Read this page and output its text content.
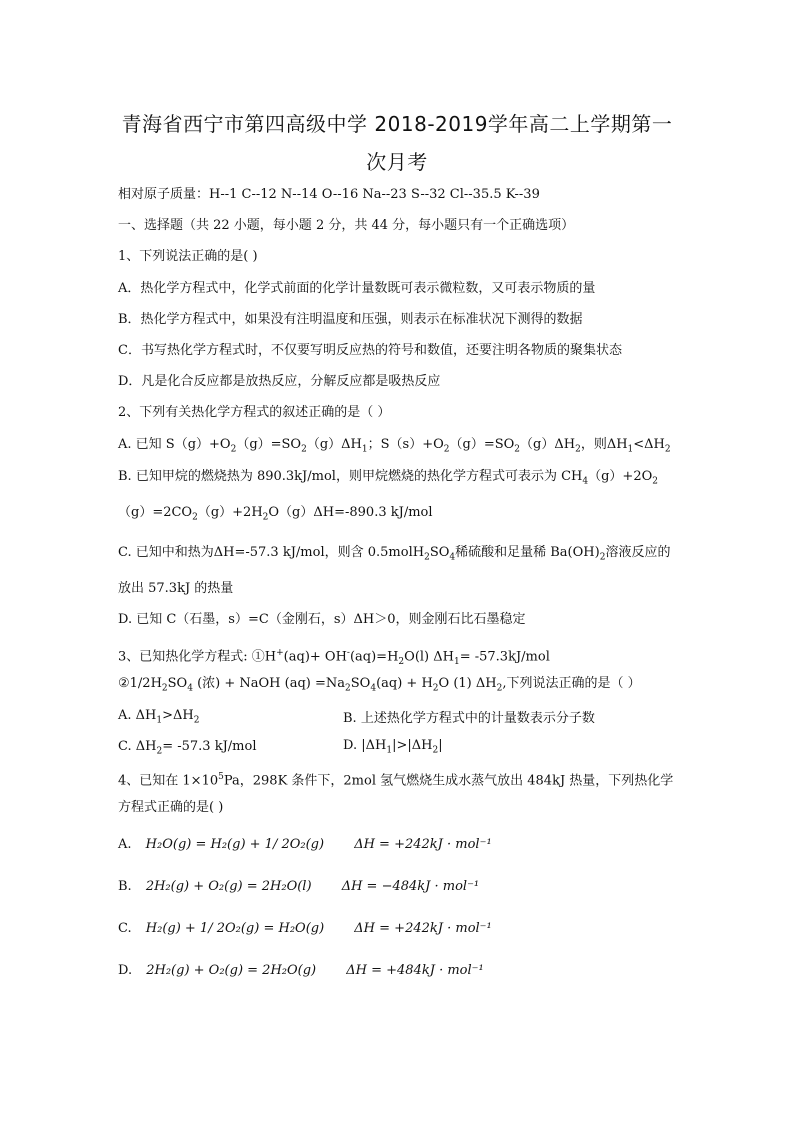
青海省西宁市第四高级中学 2018-2019学年高二上学期第一
次月考
相对原子质量：H--1 C--12 N--14 O--16 Na--23 S--32 Cl--35.5 K--39
一、选择题（共 22 小题，每小题 2 分，共 44 分，每小题只有一个正确选项）
1、下列说法正确的是( )
A．热化学方程式中，化学式前面的化学计量数既可表示微粒数，又可表示物质的量
B．热化学方程式中，如果没有注明温度和压强，则表示在标准状况下测得的数据
C．书写热化学方程式时，不仅要写明反应热的符号和数值，还要注明各物质的聚集状态
D．凡是化合反应都是放热反应，分解反应都是吸热反应
2、下列有关热化学方程式的叙述正确的是（ ）
A. 已知 $S(g)+O_2(g)=SO_2(g)\Delta H_1$；$S(s)+O_2(g)=SO_2(g)\Delta H_2$，则$\Delta H_1<\Delta H_2$
B. 已知甲烷的燃烧热为 890.3kJ/mol，则甲烷燃烧的热化学方程式可表示为 $CH_4(g)+2O_2$
$(g)=2CO_2(g)+2H_2O(g)\Delta H=-890.3$ kJ/mol
C. 已知中和热为ΔH=-57.3 kJ/mol，则含 $0.5molH_2SO_4$稀硫酸和足量稀 $Ba(OH)_2$溶液反应的
放出 57.3kJ 的热量
D. 已知 C（石墨，s）=C（金刚石，s）ΔH＞0，则金刚石比石墨稳定
3、已知热化学方程式: ①H+(aq)+ $OH^-(aq)=H_2O(l)$ $\Delta H_1= -57.3kJ/mol$
$②1/2H_2SO_4$ (浓) + NaOH $(aq) =Na_2SO_4(aq) + H_2O$ (1) $\Delta H_2$,下列说法正确的是（ ）
A. $\Delta H_1>\Delta H_2$	B. 上述热化学方程式中的计量数表示分子数
C. $\Delta H_2= -57.3$ kJ/mol	D. $|\Delta H_1|>|\Delta H_2|$
4、已知在 $1\times 10^5Pa$，298K 条件下，2mol 氢气燃烧生成水蒸气放出 484kJ 热量，下列热化学
方程式正确的是( )
A. H₂O(g) = H₂(g) + 1/ 2O₂(g) ΔH = +242kJ · mol⁻¹
B. 2H₂(g) + O₂(g) = 2H₂O(l) ΔH = −484kJ · mol⁻¹
C. H₂(g) + 1/ 2O₂(g) = H₂O(g) ΔH = +242kJ · mol⁻¹
D. 2H₂(g) + O₂(g) = 2H₂O(g) ΔH = +484kJ · mol⁻¹
